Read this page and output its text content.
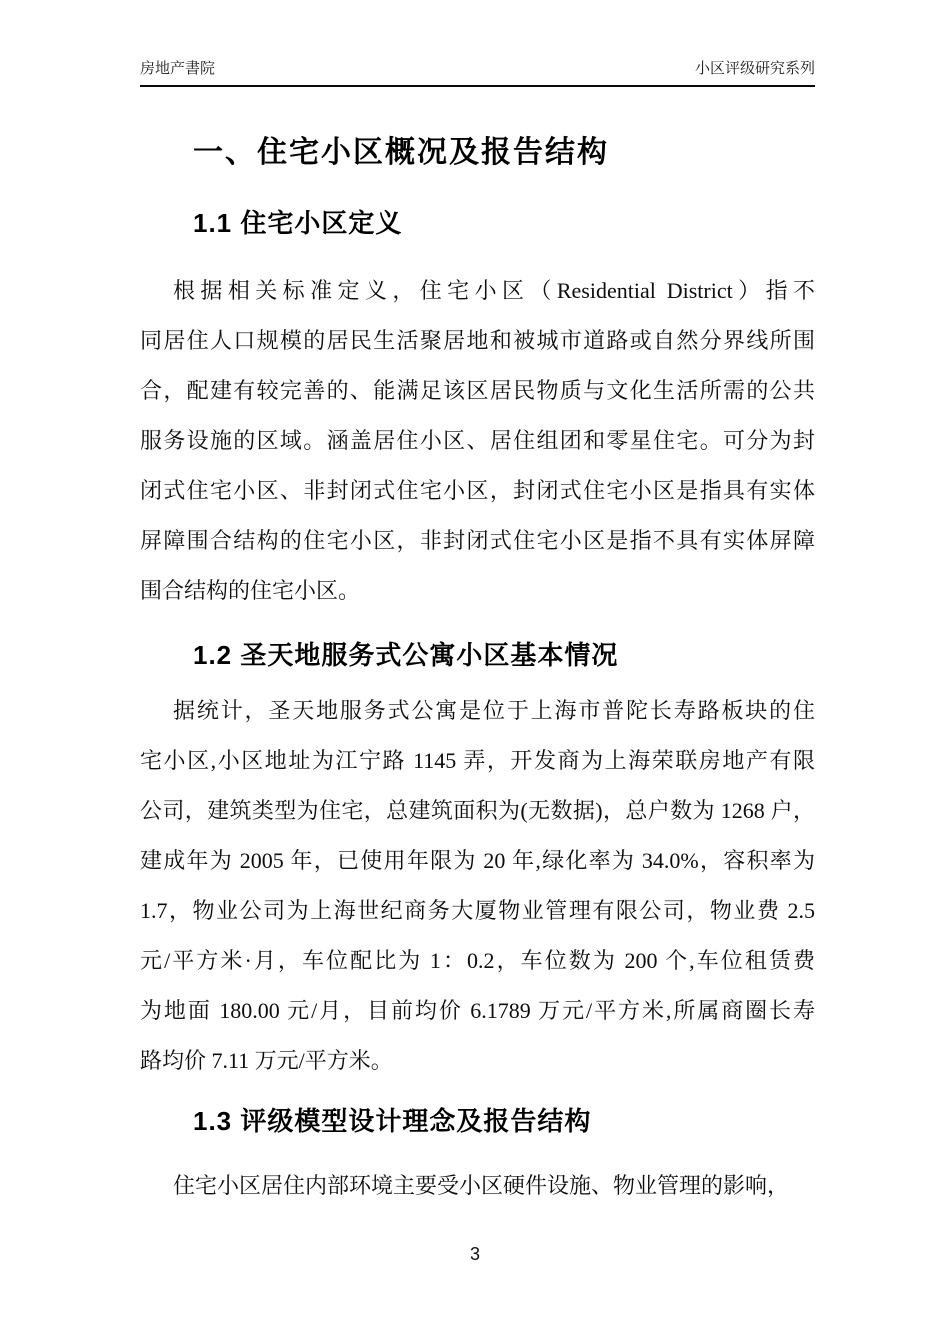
房地产書院	小区评级研究系列
一、住宅小区概况及报告结构
1.1 住宅小区定义
根据相关标准定义，住宅小区（Residential District）指不
同居住人口规模的居民生活聚居地和被城市道路或自然分界线所围
合，配建有较完善的、能满足该区居民物质与文化生活所需的公共
服务设施的区域。涵盖居住小区、居住组团和零星住宅。可分为封
闭式住宅小区、非封闭式住宅小区，封闭式住宅小区是指具有实体
屏障围合结构的住宅小区，非封闭式住宅小区是指不具有实体屏障
围合结构的住宅小区。
1.2 圣天地服务式公寓小区基本情况
据统计，圣天地服务式公寓是位于上海市普陀长寿路板块的住
宅小区,小区地址为江宁路 1145 弄，开发商为上海荣联房地产有限
公司，建筑类型为住宅，总建筑面积为(无数据)，总户数为 1268 户，
建成年为 2005 年，已使用年限为 20 年,绿化率为 34.0%，容积率为
1.7，物业公司为上海世纪商务大厦物业管理有限公司，物业费 2.5
元/平方米·月，车位配比为 1：0.2，车位数为 200 个,车位租赁费
为地面 180.00 元/月，目前均价 6.1789 万元/平方米,所属商圈长寿
路均价 7.11 万元/平方米。
1.3 评级模型设计理念及报告结构
住宅小区居住内部环境主要受小区硬件设施、物业管理的影响，
3
